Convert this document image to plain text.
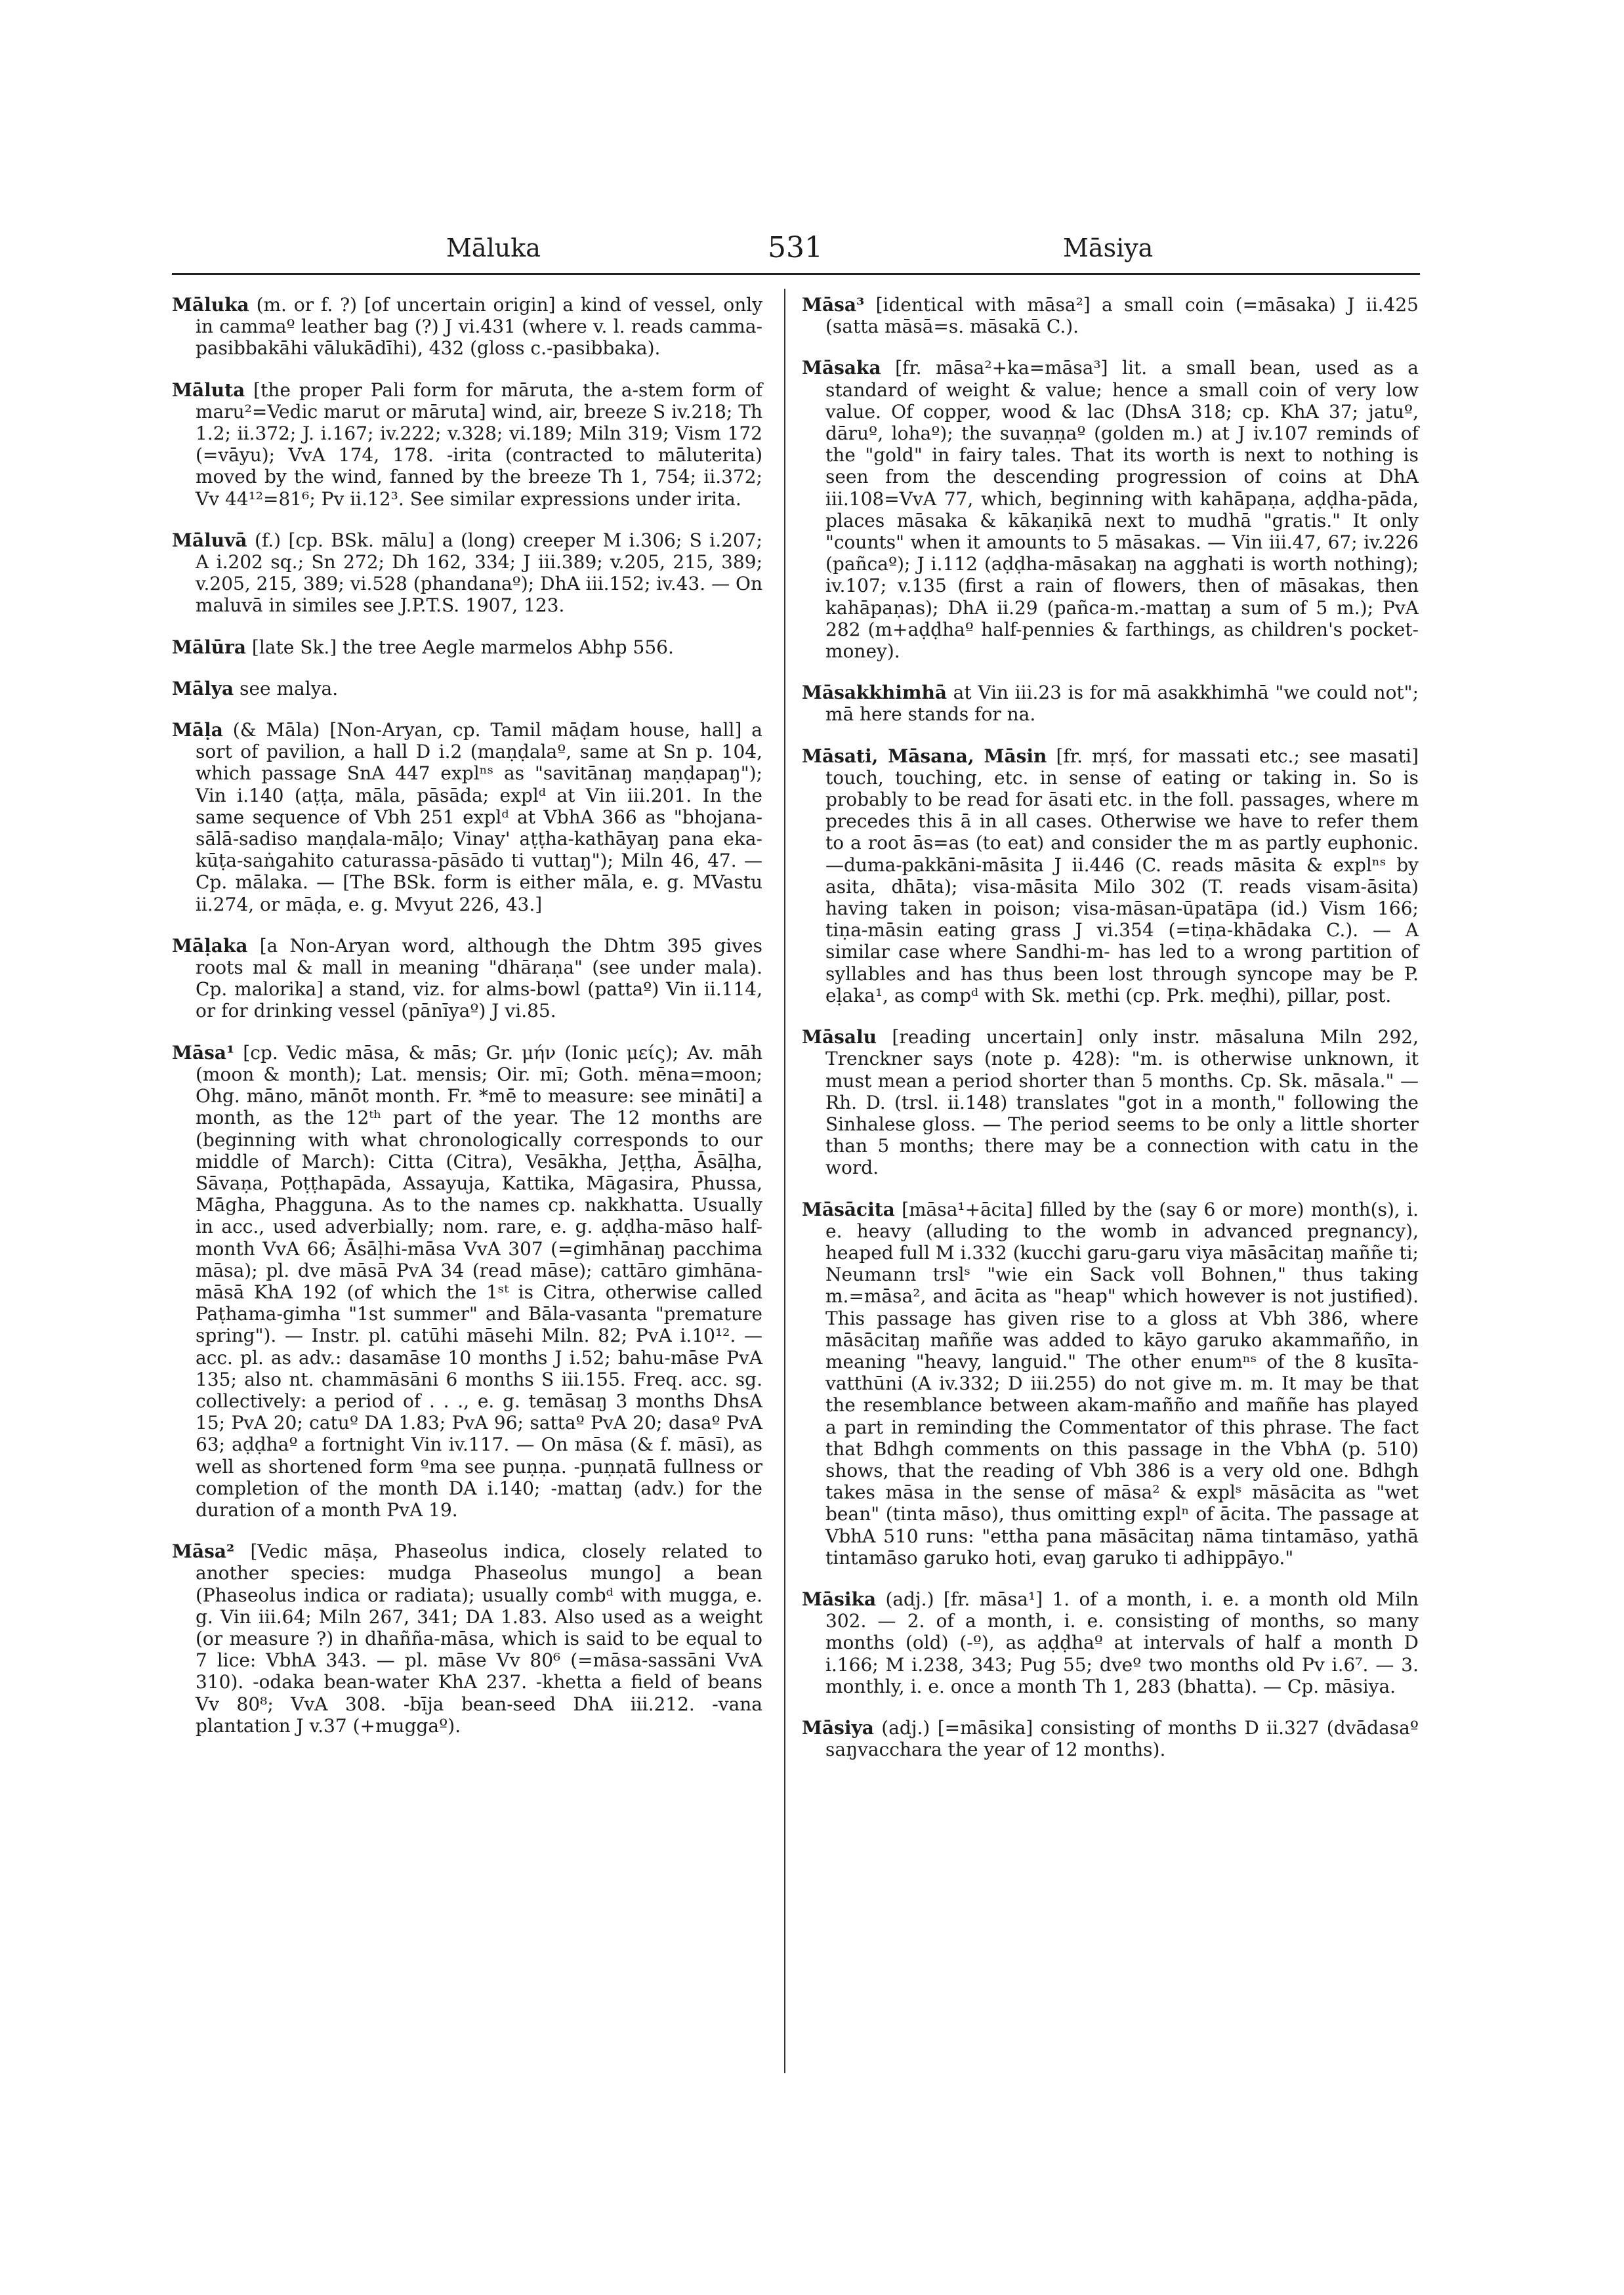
Māluka	531	Māsiya

Māluka (m. or f. ?) [of uncertain origin] a kind of vessel, only in cammaº leather bag (?) J vi.431 (where v. l. reads camma-pasibbakāhi vālukādīhi), 432 (gloss c.-pasibbaka).

Māluta [the proper Pali form for māruta, the a-stem form of maru²=Vedic marut or māruta] wind, air, breeze S iv.218; Th 1.2; ii.372; J. i.167; iv.222; v.328; vi.189; Miln 319; Vism 172 (=vāyu); VvA 174, 178. -irita (contracted to māluterita) moved by the wind, fanned by the breeze Th 1, 754; ii.372; Vv 44¹²=81⁶; Pv ii.12³. See similar expressions under irita.

Māluvā (f.) [cp. BSk. mālu] a (long) creeper M i.306; S i.207; A i.202 sq.; Sn 272; Dh 162, 334; J iii.389; v.205, 215, 389; v.205, 215, 389; vi.528 (phandanaº); DhA iii.152; iv.43. — On maluvā in similes see J.P.T.S. 1907, 123.

Mālūra [late Sk.] the tree Aegle marmelos Abhp 556.

Mālya see malya.

Māḷa (& Māla) [Non-Aryan, cp. Tamil māḍam house, hall] a sort of pavilion, a hall D i.2 (maṇḍalaº, same at Sn p. 104, which passage SnA 447 explⁿˢ as "savitānaŋ maṇḍapaŋ"); Vin i.140 (aṭṭa, māla, pāsāda; explᵈ at Vin iii.201. In the same sequence of Vbh 251 explᵈ at VbhA 366 as "bhojana-sālā-sadiso maṇḍala-māḷo; Vinay' aṭṭha-kathāyaŋ pana ekа-kūṭa-saṅgahito caturassa-pāsādo ti vuttaŋ"); Miln 46, 47. — Cp. mālaka. — [The BSk. form is either māla, e. g. MVastu ii.274, or māḍa, e. g. Mvyut 226, 43.]

Māḷaka [a Non-Aryan word, although the Dhtm 395 gives roots mal & mall in meaning "dhāraṇa" (see under mala). Cp. malorika] a stand, viz. for alms-bowl (pattaº) Vin ii.114, or for drinking vessel (pānīyaº) J vi.85.

Māsa¹ [cp. Vedic māsa, & mās; Gr. μήν (Ionic μείς); Av. māh (moon & month); Lat. mensis; Oir. mī; Goth. mēna=moon; Ohg. māno, mānōt month. Fr. *mē to measure: see mināti] a month, as the 12ᵗʰ part of the year. The 12 months are (beginning with what chronologically corresponds to our middle of March): Citta (Citra), Vesākha, Jeṭṭha, Āsāḷha, Sāvaṇa, Poṭṭhapāda, Assayuja, Kattika, Māgasira, Phussa, Māgha, Phagguna. As to the names cp. nakkhatta. Usually in acc., used adverbially; nom. rare, e. g. aḍḍha-māso half-month VvA 66; Āsāḷhi-māsa VvA 307 (=gimhānaŋ pacchima māsa); pl. dve māsā PvA 34 (read māse); cattāro gimhāna-māsā KhA 192 (of which the 1ˢᵗ is Citra, otherwise called Paṭhama-gimha "1st summer" and Bāla-vasanta "premature spring"). — Instr. pl. catūhi māsehi Miln. 82; PvA i.10¹². — acc. pl. as adv.: dasamāse 10 months J i.52; bahu-māse PvA 135; also nt. chammāsāni 6 months S iii.155. Freq. acc. sg. collectively: a period of . . ., e. g. temāsaŋ 3 months DhsA 15; PvA 20; catuº DA 1.83; PvA 96; sattaº PvA 20; dasaº PvA 63; aḍḍhaº a fortnight Vin iv.117. — On māsa (& f. māsī), as well as shortened form ºma see puṇṇa. -puṇṇatā fullness or completion of the month DA i.140; -mattaŋ (adv.) for the duration of a month PvA 19.

Māsa² [Vedic māṣa, Phaseolus indica, closely related to another species: mudga Phaseolus mungo] a bean (Phaseolus indica or radiata); usually combᵈ with mugga, e. g. Vin iii.64; Miln 267, 341; DA 1.83. Also used as a weight (or measure ?) in dhañña-māsa, which is said to be equal to 7 lice: VbhA 343. — pl. māse Vv 80⁶ (=māsa-sassāni VvA 310). -odaka bean-water KhA 237. -khetta a field of beans Vv 80⁸; VvA 308. -bīja bean-seed DhA iii.212. -vana plantation J v.37 (+muggaº).

Māsa³ [identical with māsa²] a small coin (=māsaka) J ii.425 (satta māsā=s. māsakā C.).

Māsaka [fr. māsa²+ka=māsa³] lit. a small bean, used as a standard of weight & value; hence a small coin of very low value. Of copper, wood & lac (DhsA 318; cp. KhA 37; jatuº, dāruº, lohaº); the suvaṇṇaº (golden m.) at J iv.107 reminds of the "gold" in fairy tales. That its worth is next to nothing is seen from the descending progression of coins at DhA iii.108=VvA 77, which, beginning with kahāpaṇa, aḍḍha-pāda, places māsaka & kākaṇikā next to mudhā "gratis." It only "counts" when it amounts to 5 māsakas. — Vin iii.47, 67; iv.226 (pañcaº); J i.112 (aḍḍha-māsakaŋ na agghati is worth nothing); iv.107; v.135 (first a rain of flowers, then of māsakas, then kahāpaṇas); DhA ii.29 (pañca-m.-mattaŋ a sum of 5 m.); PvA 282 (m+aḍḍhaº half-pennies & farthings, as children's pocket-money).

Māsakkhimhā at Vin iii.23 is for mā asakkhimhā "we could not"; mā here stands for na.

Māsati, Māsana, Māsin [fr. mṛś, for massati etc.; see masati] touch, touching, etc. in sense of eating or taking in. So is probably to be read for āsati etc. in the foll. passages, where m precedes this ā in all cases. Otherwise we have to refer them to a root ās=as (to eat) and consider the m as partly euphonic. —duma-pakkāni-māsita J ii.446 (C. reads māsita & explⁿˢ by asita, dhāta); visa-māsita Milo 302 (T. reads visam-āsita) having taken in poison; visa-māsan-ūpatāpa (id.) Vism 166; tiṇa-māsin eating grass J vi.354 (=tiṇa-khādaka C.). — A similar case where Sandhi-m- has led to a wrong partition of syllables and has thus been lost through syncope may be P. eḷaka¹, as compᵈ with Sk. methi (cp. Prk. meḍhi), pillar, post.

Māsalu [reading uncertain] only instr. māsaluna Miln 292, Trenckner says (note p. 428): "m. is otherwise unknown, it must mean a period shorter than 5 months. Cp. Sk. māsala." — Rh. D. (trsl. ii.148) translates "got in a month," following the Sinhalese gloss. — The period seems to be only a little shorter than 5 months; there may be a connection with catu in the word.

Māsācita [māsa¹+ācita] filled by the (say 6 or more) month(s), i. e. heavy (alluding to the womb in advanced pregnancy), heaped full M i.332 (kucchi garu-garu viya māsācitaŋ maññe ti; Neumann trslˢ "wie ein Sack voll Bohnen," thus taking m.=māsa², and ācita as "heap" which however is not justified). This passage has given rise to a gloss at Vbh 386, where māsācitaŋ maññe was added to kāyo garuko akammañño, in meaning "heavy, languid." The other enumⁿˢ of the 8 kusīta-vatthūni (A iv.332; D iii.255) do not give m. m. It may be that the resemblance between akam-mañño and maññe has played a part in reminding the Commentator of this phrase. The fact that Bdhgh comments on this passage in the VbhA (p. 510) shows, that the reading of Vbh 386 is a very old one. Bdhgh takes māsa in the sense of māsa² & explˢ māsācita as "wet bean" (tinta māso), thus omitting explⁿ of ācita. The passage at VbhA 510 runs: "ettha pana māsācitaŋ nāma tintamāso, yathā tintamāso garuko hoti, evaŋ garuko ti adhippāyo."

Māsika (adj.) [fr. māsa¹] 1. of a month, i. e. a month old Miln 302. — 2. of a month, i. e. consisting of months, so many months (old) (-º), as aḍḍhaº at intervals of half a month D i.166; M i.238, 343; Pug 55; dveº two months old Pv i.6⁷. — 3. monthly, i. e. once a month Th 1, 283 (bhatta). — Cp. māsiya.

Māsiya (adj.) [=māsika] consisting of months D ii.327 (dvādasaº saŋvacchara the year of 12 months).
